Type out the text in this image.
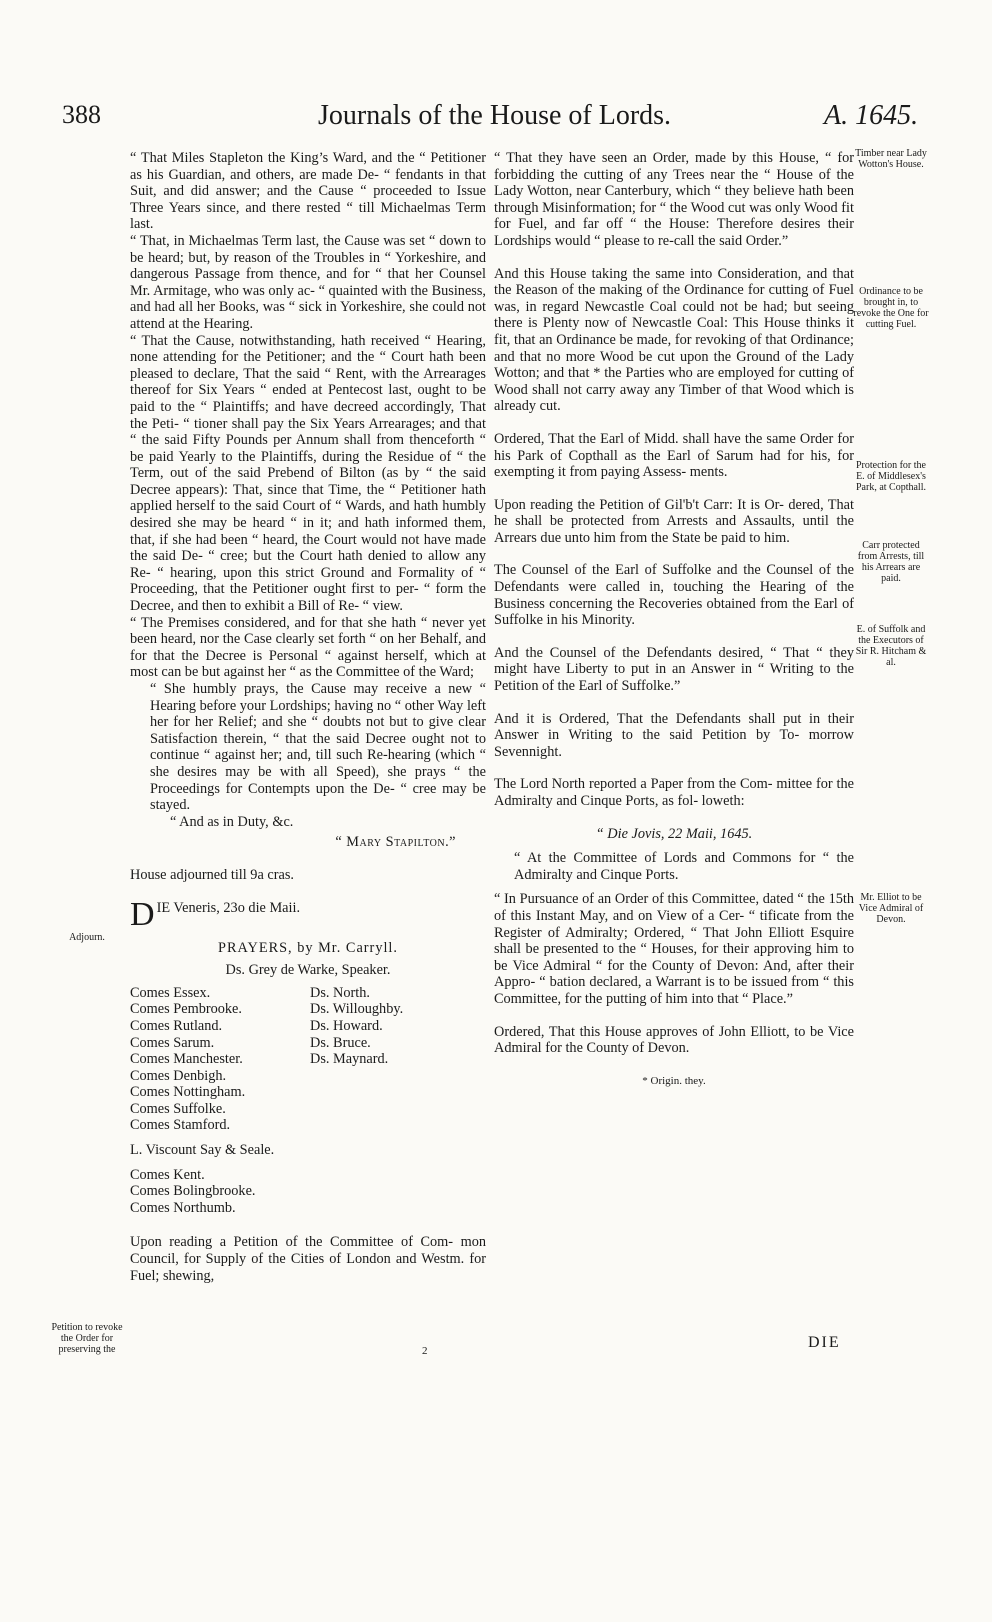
388	Journals of the House of Lords.	A. 1645.

“ That Miles Stapleton the King’s Ward, and the “ Petitioner as his Guardian, and others, are made De- “ fendants in that Suit, and did answer; and the Cause “ proceeded to Issue Three Years since, and there rested “ till Michaelmas Term last.

“ That, in Michaelmas Term last, the Cause was set “ down to be heard; but, by reason of the Troubles in “ Yorkeshire, and dangerous Passage from thence, and for “ that her Counsel Mr. Armitage, who was only ac- “ quainted with the Business, and had all her Books, was “ sick in Yorkeshire, she could not attend at the Hearing.

“ That the Cause, notwithstanding, hath received “ Hearing, none attending for the Petitioner; and the “ Court hath been pleased to declare, That the said “ Rent, with the Arrearages thereof for Six Years “ ended at Pentecost last, ought to be paid to the “ Plaintiffs; and have decreed accordingly, That the Peti- “ tioner shall pay the Six Years Arrearages; and that “ the said Fifty Pounds per Annum shall from thenceforth “ be paid Yearly to the Plaintiffs, during the Residue of “ the Term, out of the said Prebend of Bilton (as by “ the said Decree appears): That, since that Time, the “ Petitioner hath applied herself to the said Court of “ Wards, and hath humbly desired she may be heard “ in it; and hath informed them, that, if she had been “ heard, the Court would not have made the said De- “ cree; but the Court hath denied to allow any Re- “ hearing, upon this strict Ground and Formality of “ Proceeding, that the Petitioner ought first to per- “ form the Decree, and then to exhibit a Bill of Re- “ view.

“ The Premises considered, and for that she hath “ never yet been heard, nor the Case clearly set forth “ on her Behalf, and for that the Decree is Personal “ against herself, which at most can be but against her “ as the Committee of the Ward;

“ She humbly prays, the Cause may receive a new “ Hearing before your Lordships; having no “ other Way left her for her Relief; and she “ doubts not but to give clear Satisfaction therein, “ that the said Decree ought not to continue “ against her; and, till such Re-hearing (which “ she desires may be with all Speed), she prays “ the Proceedings for Contempts upon the De- “ cree may be stayed.

“ And as in Duty, &c.

“ Mary Stapilton.”

House adjourned till 9a cras.

D IE Veneris, 23o die Maii.

PRAYERS, by Mr. Carryll.

Ds. Grey de Warke, Speaker.

Comes Essex.
Comes Pembrooke.
Comes Rutland.
Comes Sarum.
Comes Manchester.
Comes Denbigh.
Comes Nottingham.
Comes Suffolke.
Comes Stamford.
Ds. North.
Ds. Willoughby.
Ds. Howard.
Ds. Bruce.
Ds. Maynard.

L. Viscount Say & Seale.

Comes Kent.
Comes Bolingbrooke.
Comes Northumb.

Upon reading a Petition of the Committee of Com- mon Council, for Supply of the Cities of London and Westm. for Fuel; shewing,

2

“ That they have seen an Order, made by this House, “ for forbidding the cutting of any Trees near the “ House of the Lady Wotton, near Canterbury, which “ they believe hath been through Misinformation; for “ the Wood cut was only Wood fit for Fuel, and far off “ the House: Therefore desires their Lordships would “ please to re-call the said Order.”

And this House taking the same into Consideration, and that the Reason of the making of the Ordinance for cutting of Fuel was, in regard Newcastle Coal could not be had; but seeing there is Plenty now of Newcastle Coal: This House thinks it fit, that an Ordinance be made, for revoking of that Ordinance; and that no more Wood be cut upon the Ground of the Lady Wotton; and that * the Parties who are employed for cutting of Wood shall not carry away any Timber of that Wood which is already cut.

Ordered, That the Earl of Midd. shall have the same Order for his Park of Copthall as the Earl of Sarum had for his, for exempting it from paying Assess- ments.

Upon reading the Petition of Gil'b't Carr: It is Or- dered, That he shall be protected from Arrests and Assaults, until the Arrears due unto him from the State be paid to him.

The Counsel of the Earl of Suffolke and the Counsel of the Defendants were called in, touching the Hearing of the Business concerning the Recoveries obtained from the Earl of Suffolke in his Minority.

And the Counsel of the Defendants desired, “ That “ they might have Liberty to put in an Answer in “ Writing to the Petition of the Earl of Suffolke.”

And it is Ordered, That the Defendants shall put in their Answer in Writing to the said Petition by To- morrow Sevennight.

The Lord North reported a Paper from the Com- mittee for the Admiralty and Cinque Ports, as fol- loweth:

“ Die Jovis, 22 Maii, 1645.

“ At the Committee of Lords and Commons for “ the Admiralty and Cinque Ports.

“ In Pursuance of an Order of this Committee, dated “ the 15th of this Instant May, and on View of a Cer- “ tificate from the Register of Admiralty; Ordered, “ That John Elliott Esquire shall be presented to the “ Houses, for their approving him to be Vice Admiral “ for the County of Devon: And, after their Appro- “ bation declared, a Warrant is to be issued from “ this Committee, for the putting of him into that “ Place.”

Ordered, That this House approves of John Elliott, to be Vice Admiral for the County of Devon.

* Origin. they.
DIE
Adjourn.
Petition to revoke the Order for preserving the
Timber near Lady Wotton's House.
Ordinance to be brought in, to revoke the One for cutting Fuel.
Protection for the E. of Middlesex's Park, at Copthall.
Carr protected from Arrests, till his Arrears are paid.
E. of Suffolk and the Executors of Sir R. Hitcham & al.
Mr. Elliot to be Vice Admiral of Devon.
